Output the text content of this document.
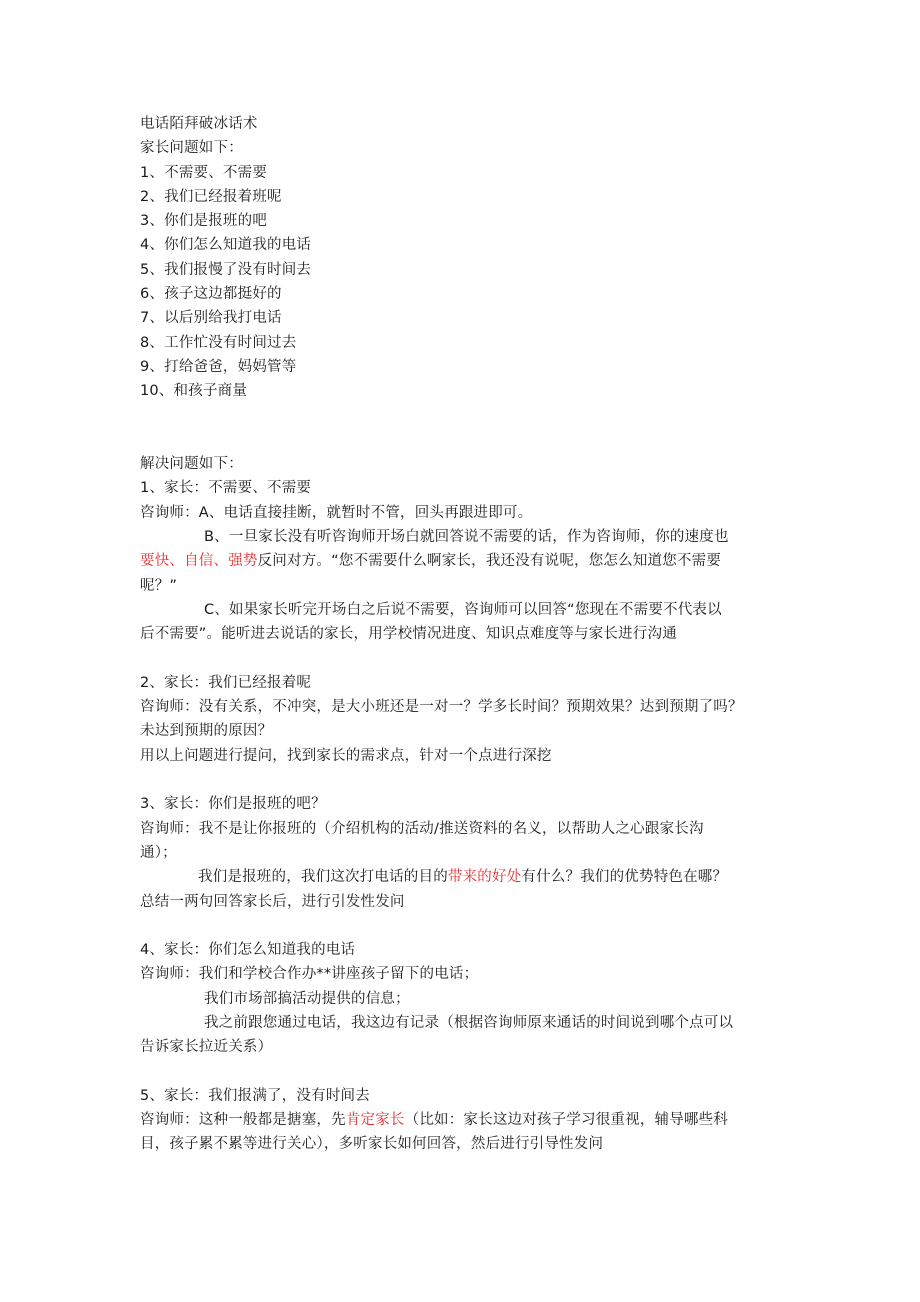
电话陌拜破冰话术
家长问题如下：
1、不需要、不需要
2、我们已经报着班呢
3、你们是报班的吧
4、你们怎么知道我的电话
5、我们报慢了没有时间去
6、孩子这边都挺好的
7、以后别给我打电话
8、工作忙没有时间过去
9、打给爸爸，妈妈管等
10、和孩子商量
解决问题如下：
1、家长：不需要、不需要
咨询师：A、电话直接挂断，就暂时不管，回头再跟进即可。
B、一旦家长没有听咨询师开场白就回答说不需要的话，作为咨询师，你的速度也
要快、自信、强势反问对方。“您不需要什么啊家长，我还没有说呢，您怎么知道您不需要
呢？”
C、如果家长听完开场白之后说不需要，咨询师可以回答“您现在不需要不代表以
后不需要”。能听进去说话的家长，用学校情况进度、知识点难度等与家长进行沟通
2、家长：我们已经报着呢
咨询师：没有关系，不冲突，是大小班还是一对一？学多长时间？预期效果？达到预期了吗？
未达到预期的原因？
用以上问题进行提问，找到家长的需求点，针对一个点进行深挖
3、家长：你们是报班的吧？
咨询师：我不是让你报班的（介绍机构的活动/推送资料的名义，以帮助人之心跟家长沟
通）；
我们是报班的，我们这次打电话的目的带来的好处有什么？我们的优势特色在哪？
总结一两句回答家长后，进行引发性发问
4、家长：你们怎么知道我的电话
咨询师：我们和学校合作办**讲座孩子留下的电话；
我们市场部搞活动提供的信息；
我之前跟您通过电话，我这边有记录（根据咨询师原来通话的时间说到哪个点可以
告诉家长拉近关系）
5、家长：我们报满了，没有时间去
咨询师：这种一般都是搪塞，先肯定家长（比如：家长这边对孩子学习很重视，辅导哪些科
目，孩子累不累等进行关心），多听家长如何回答，然后进行引导性发问
